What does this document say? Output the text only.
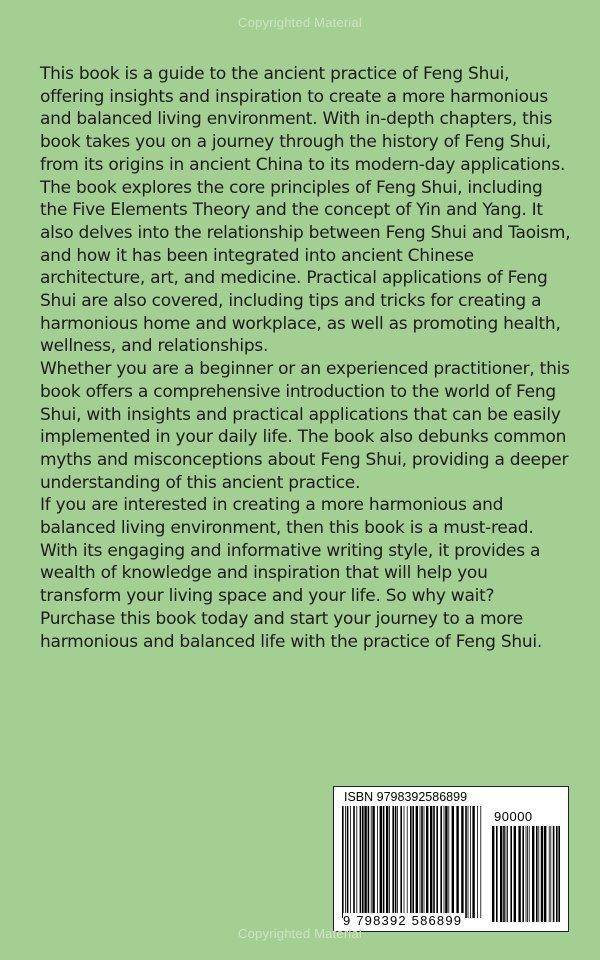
Copyrighted Material

This book is a guide to the ancient practice of Feng Shui, offering insights and inspiration to create a more harmonious and balanced living environment. With in-depth chapters, this book takes you on a journey through the history of Feng Shui, from its origins in ancient China to its modern-day applications.

The book explores the core principles of Feng Shui, including the Five Elements Theory and the concept of Yin and Yang. It also delves into the relationship between Feng Shui and Taoism, and how it has been integrated into ancient Chinese architecture, art, and medicine. Practical applications of Feng Shui are also covered, including tips and tricks for creating a harmonious home and workplace, as well as promoting health, wellness, and relationships.

Whether you are a beginner or an experienced practitioner, this book offers a comprehensive introduction to the world of Feng Shui, with insights and practical applications that can be easily implemented in your daily life. The book also debunks common myths and misconceptions about Feng Shui, providing a deeper understanding of this ancient practice.

If you are interested in creating a more harmonious and balanced living environment, then this book is a must-read. With its engaging and informative writing style, it provides a wealth of knowledge and inspiration that will help you transform your living space and your life. So why wait? Purchase this book today and start your journey to a more harmonious and balanced life with the practice of Feng Shui.

ISBN 9798392586899
90000
9 798392 586899
Copyrighted Material
